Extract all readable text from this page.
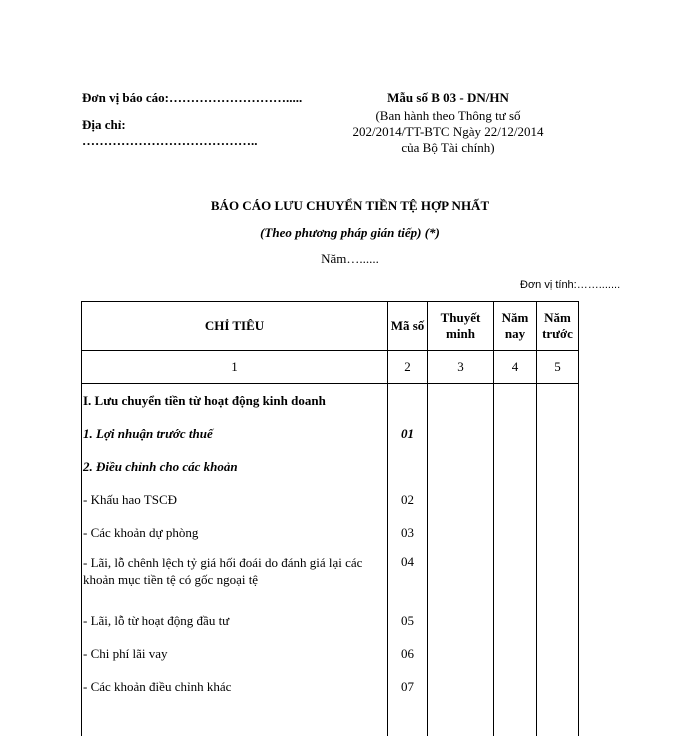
Đơn vị báo cáo:……………………….....
Địa chỉ:
…………………………………..
Mẫu số B 03 - DN/HN
(Ban hành theo Thông tư số
202/2014/TT-BTC Ngày 22/12/2014
của Bộ Tài chính)
BÁO CÁO LƯU CHUYỂN TIỀN TỆ HỢP NHẤT
(Theo phương pháp gián tiếp) (*)
Năm…......
Đơn vị tính:…….......
CHỈ TIÊU	Mã số	Thuyết minh	Năm nay	Năm trước
1	2	3	4	5
I. Lưu chuyển tiền từ hoạt động kinh doanh				
1. Lợi nhuận trước thuế	01			
2. Điều chỉnh cho các khoản				
- Khấu hao TSCĐ	02			
- Các khoản dự phòng	03			
- Lãi, lỗ chênh lệch tỷ giá hối đoái do đánh giá lại các khoản mục tiền tệ có gốc ngoại tệ	04			
- Lãi, lỗ từ hoạt động đầu tư	05			
- Chi phí lãi vay	06			
- Các khoản điều chỉnh khác	07			
